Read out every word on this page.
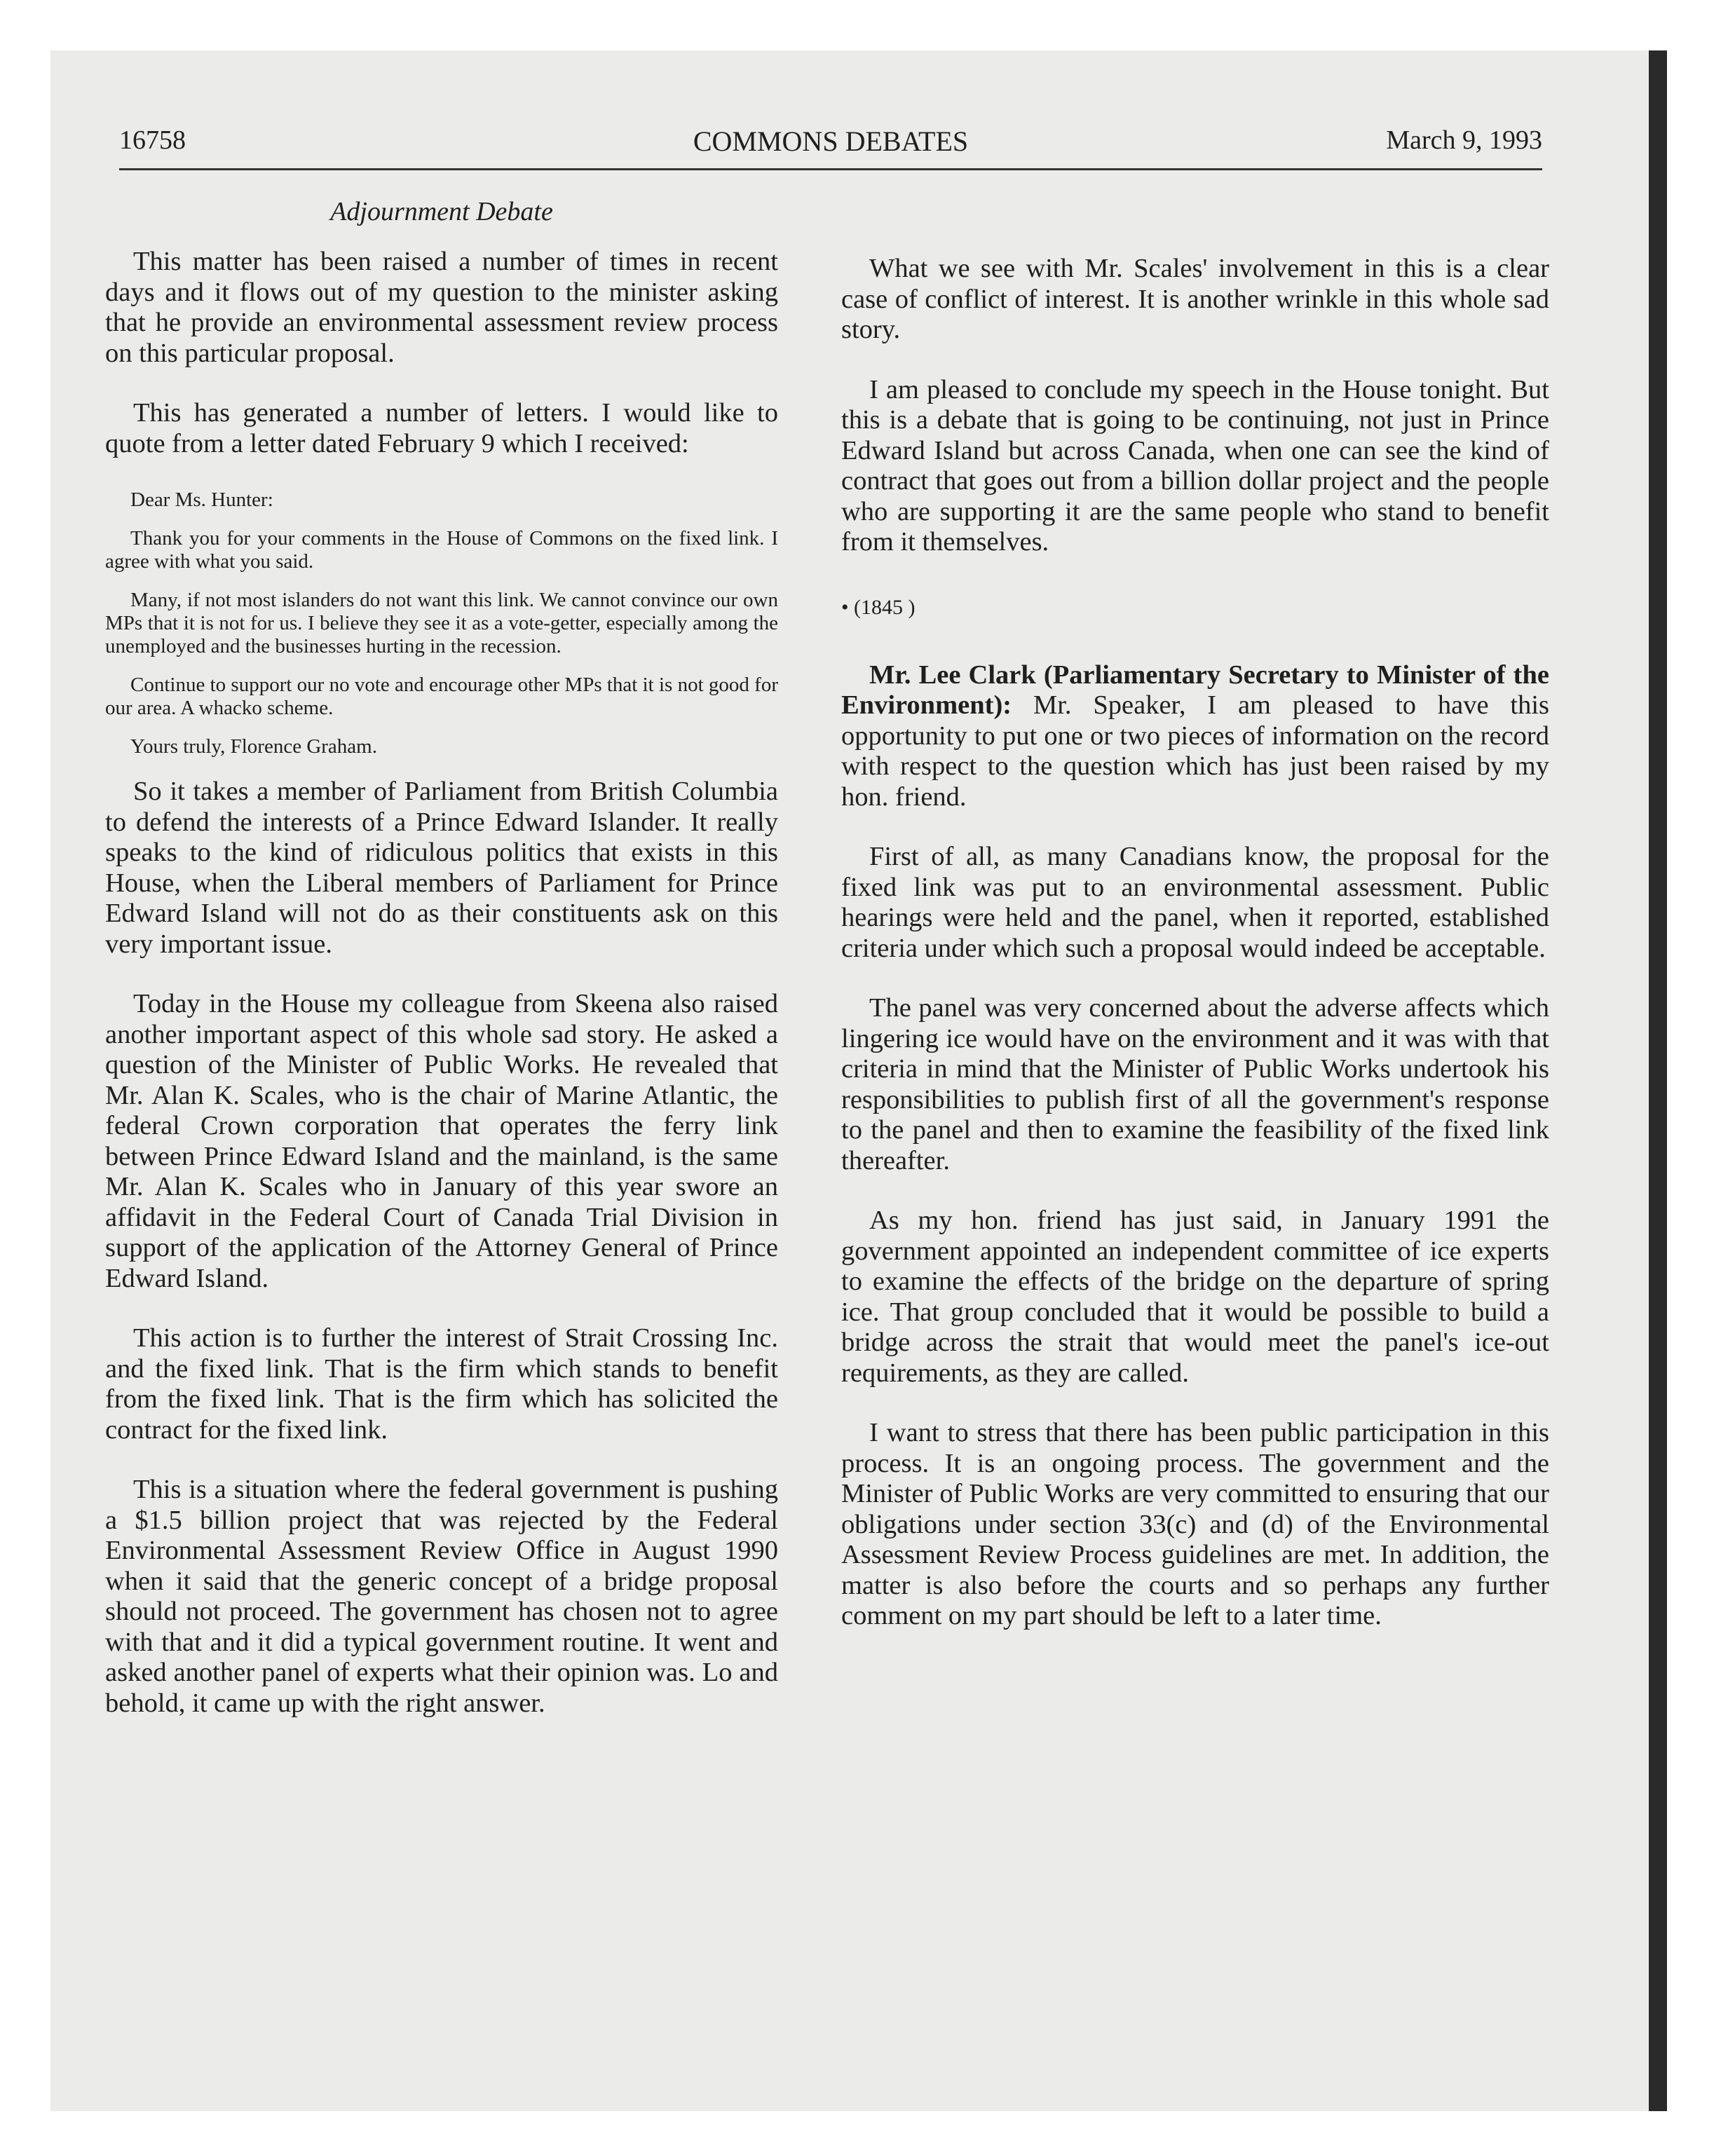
16758	COMMONS DEBATES	March 9, 1993
Adjournment Debate

This matter has been raised a number of times in recent days and it flows out of my question to the minister asking that he provide an environmental assessment review process on this particular proposal.

This has generated a number of letters. I would like to quote from a letter dated February 9 which I received:

Dear Ms. Hunter:

Thank you for your comments in the House of Commons on the fixed link. I agree with what you said.

Many, if not most islanders do not want this link. We cannot convince our own MPs that it is not for us. I believe they see it as a vote-getter, especially among the unemployed and the businesses hurting in the recession.

Continue to support our no vote and encourage other MPs that it is not good for our area. A whacko scheme.

Yours truly, Florence Graham.

So it takes a member of Parliament from British Columbia to defend the interests of a Prince Edward Islander. It really speaks to the kind of ridiculous politics that exists in this House, when the Liberal members of Parliament for Prince Edward Island will not do as their constituents ask on this very important issue.

Today in the House my colleague from Skeena also raised another important aspect of this whole sad story. He asked a question of the Minister of Public Works. He revealed that Mr. Alan K. Scales, who is the chair of Marine Atlantic, the federal Crown corporation that operates the ferry link between Prince Edward Island and the mainland, is the same Mr. Alan K. Scales who in January of this year swore an affidavit in the Federal Court of Canada Trial Division in support of the application of the Attorney General of Prince Edward Island.

This action is to further the interest of Strait Crossing Inc. and the fixed link. That is the firm which stands to benefit from the fixed link. That is the firm which has solicited the contract for the fixed link.

This is a situation where the federal government is pushing a $1.5 billion project that was rejected by the Federal Environmental Assessment Review Office in August 1990 when it said that the generic concept of a bridge proposal should not proceed. The government has chosen not to agree with that and it did a typical government routine. It went and asked another panel of experts what their opinion was. Lo and behold, it came up with the right answer.

What we see with Mr. Scales' involvement in this is a clear case of conflict of interest. It is another wrinkle in this whole sad story.

I am pleased to conclude my speech in the House tonight. But this is a debate that is going to be continuing, not just in Prince Edward Island but across Canada, when one can see the kind of contract that goes out from a billion dollar project and the people who are supporting it are the same people who stand to benefit from it themselves.

• (1845 )

Mr. Lee Clark (Parliamentary Secretary to Minister of the Environment): Mr. Speaker, I am pleased to have this opportunity to put one or two pieces of information on the record with respect to the question which has just been raised by my hon. friend.

First of all, as many Canadians know, the proposal for the fixed link was put to an environmental assessment. Public hearings were held and the panel, when it reported, established criteria under which such a proposal would indeed be acceptable.

The panel was very concerned about the adverse affects which lingering ice would have on the environment and it was with that criteria in mind that the Minister of Public Works undertook his responsibilities to publish first of all the government's response to the panel and then to examine the feasibility of the fixed link thereafter.

As my hon. friend has just said, in January 1991 the government appointed an independent committee of ice experts to examine the effects of the bridge on the departure of spring ice. That group concluded that it would be possible to build a bridge across the strait that would meet the panel's ice-out requirements, as they are called.

I want to stress that there has been public participation in this process. It is an ongoing process. The government and the Minister of Public Works are very committed to ensuring that our obligations under section 33(c) and (d) of the Environmental Assessment Review Process guidelines are met. In addition, the matter is also before the courts and so perhaps any further comment on my part should be left to a later time.
